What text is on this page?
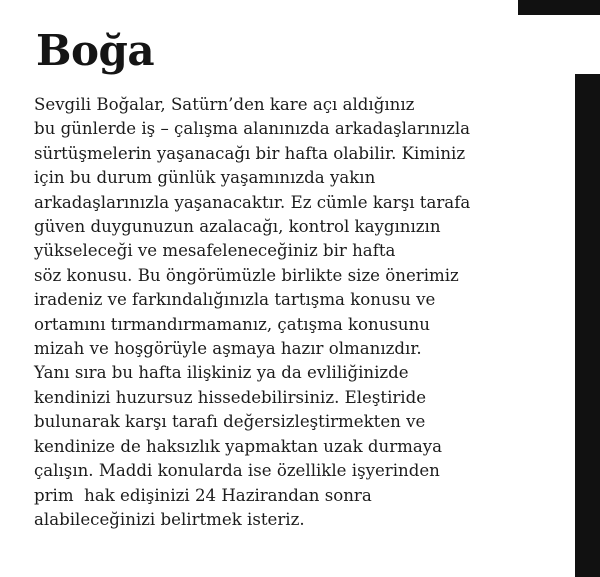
Boğa

Sevgili Boğalar, Satürn’den kare açı aldığınız
bu günlerde iş – çalışma alanınızda arkadaşlarınızla
sürtüşmelerin yaşanacağı bir hafta olabilir. Kiminiz
için bu durum günlük yaşamınızda yakın
arkadaşlarınızla yaşanacaktır. Ez cümle karşı tarafa
güven duygunuzun azalacağı, kontrol kaygınızın
yükseleceği ve mesafeleneceğiniz bir hafta
söz konusu. Bu öngörümüzle birlikte size önerimiz
iradeniz ve farkındalığınızla tartışma konusu ve
ortamını tırmandırmamanız, çatışma konusunu
mizah ve hoşgörüyle aşmaya hazır olmanızdır.
Yanı sıra bu hafta ilişkiniz ya da evliliğinizde
kendinizi huzursuz hissedebilirsiniz. Eleştiride
bulunarak karşı tarafı değersizleştirmekten ve
kendinize de haksızlık yapmaktan uzak durmaya
çalışın. Maddi konularda ise özellikle işyerinden
prim  hak edişinizi 24 Hazirandan sonra
alabileceğinizi belirtmek isteriz.
